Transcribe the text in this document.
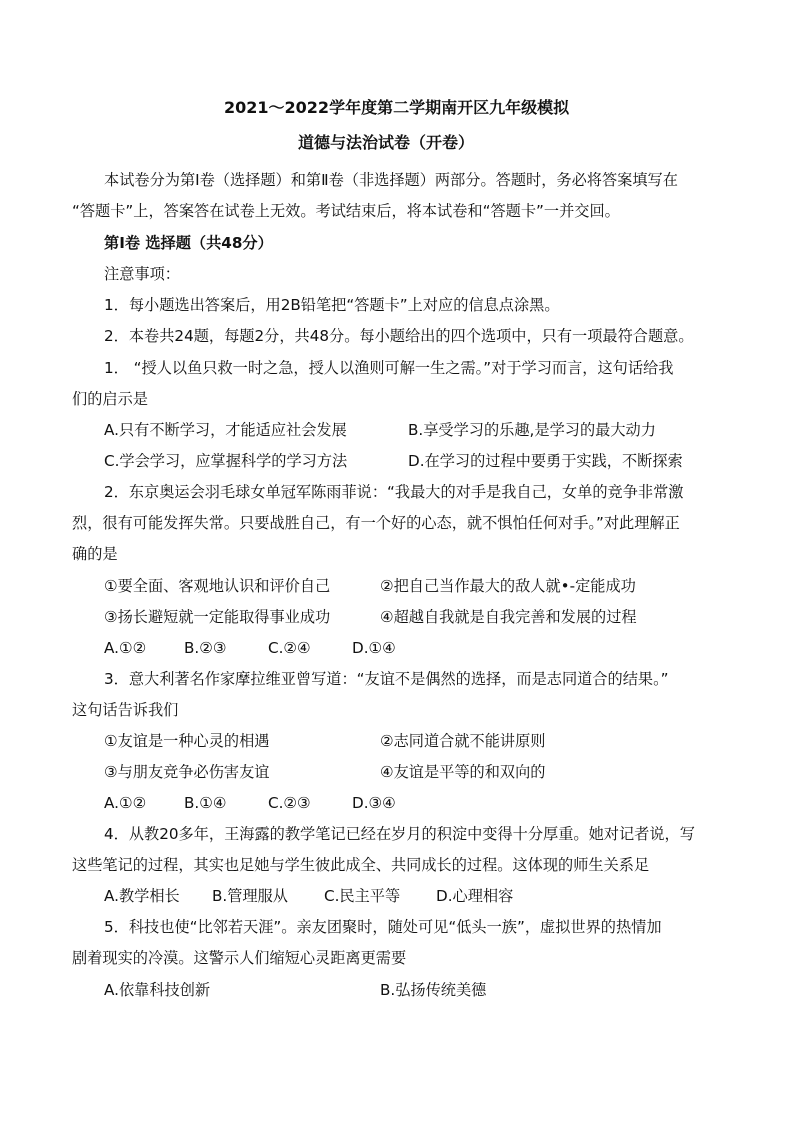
2021～2022学年度第二学期南开区九年级模拟
道德与法治试卷（开卷）
本试卷分为第Ⅰ卷（选择题）和第Ⅱ卷（非选择题）两部分。答题时，务必将答案填写在
“答题卡”上，答案答在试卷上无效。考试结束后，将本试卷和“答题卡”一并交回。
第Ⅰ卷 选择题（共48分）
注意事项：
1．每小题选出答案后，用2B铅笔把“答题卡”上对应的信息点涂黑。
2．本卷共24题，每题2分，共48分。每小题给出的四个选项中，只有一项最符合题意。
1． “授人以鱼只救一时之急，授人以渔则可解一生之需。”对于学习而言，这句话给我
们的启示是
A.只有不断学习，才能适应社会发展	B.享受学习的乐趣,是学习的最大动力
C.学会学习，应掌握科学的学习方法	D.在学习的过程中要勇于实践，不断探索
2．东京奥运会羽毛球女单冠军陈雨菲说：“我最大的对手是我自己，女单的竞争非常激
烈，很有可能发挥失常。只要战胜自己，有一个好的心态，就不惧怕任何对手。”对此理解正
确的是
①要全面、客观地认识和评价自己	②把自己当作最大的敌人就•-定能成功
③扬长避短就一定能取得事业成功	④超越自我就是自我完善和发展的过程
A.①② B.②③	C.②④	D.①④
3．意大利著名作家摩拉维亚曾写道：“友谊不是偶然的选择，而是志同道合的结果。”
这句话告诉我们
①友谊是一种心灵的相遇	②志同道合就不能讲原则
③与朋友竞争必伤害友谊	④友谊是平等的和双向的
A.①② B.①④	C.②③	D.③④
4．从教20多年，王海露的教学笔记已经在岁月的积淀中变得十分厚重。她对记者说，写
这些笔记的过程，其实也足她与学生彼此成全、共同成长的过程。这体现的师生关系足
A.教学相长 B.管理服从 C.民主平等 D.心理相容
5．科技也使“比邻若天涯”。亲友团聚时，随处可见“低头一族”，虚拟世界的热情加
剧着现实的冷漠。这警示人们缩短心灵距离更需要
A.依靠科技创新	B.弘扬传统美德
